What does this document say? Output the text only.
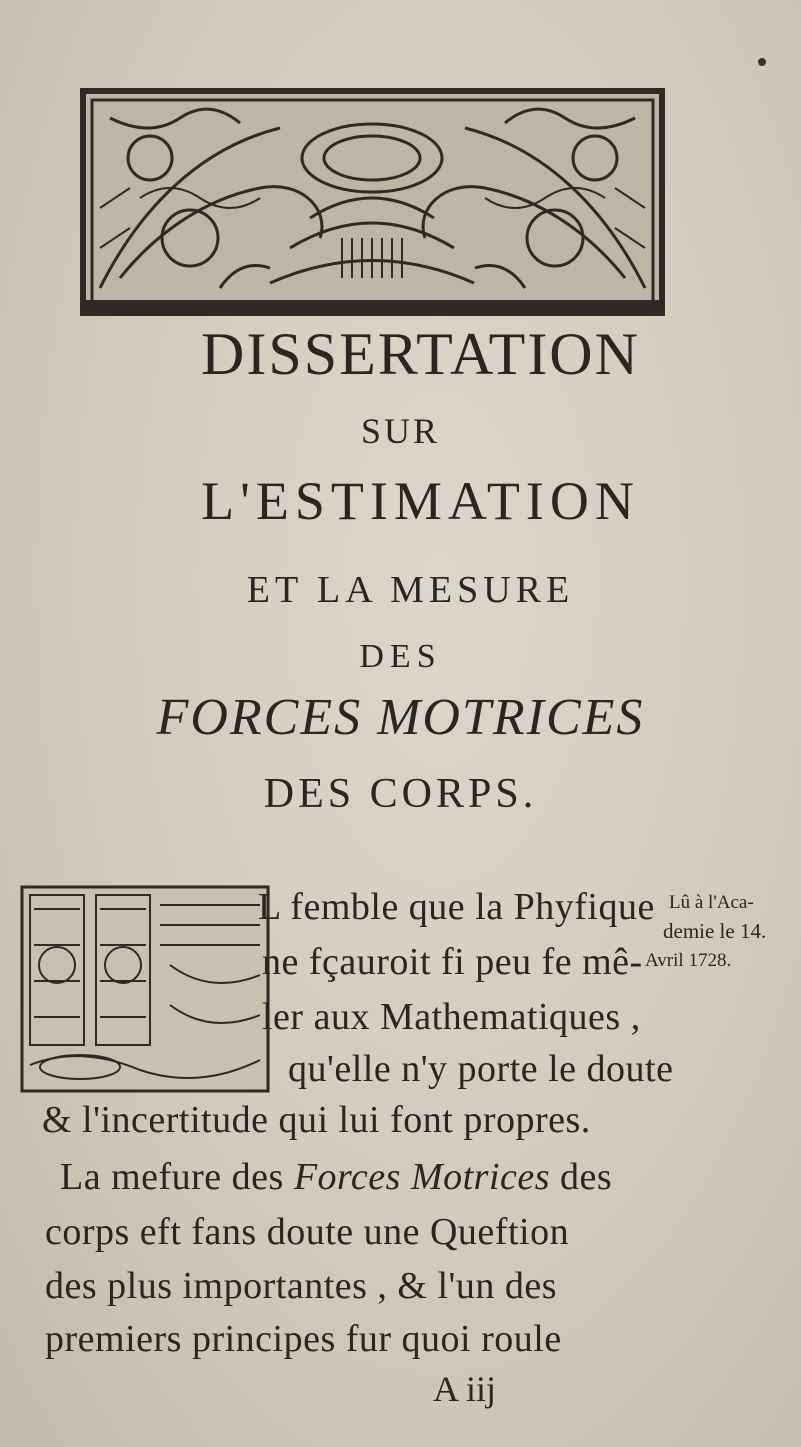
DISSERTATION
SUR
L'ESTIMATION
ET LA MESURE
DES
FORCES MOTRICES
DES CORPS.
L femble que la Phyfique
ne fçauroit fi peu fe mê-
ler aux Mathematiques ,
qu'elle n'y porte le doute
& l'incertitude qui lui font propres.
La mefure des Forces Motrices des
corps eft fans doute une Queftion
des plus importantes , & l'un des
premiers principes fur quoi roule
Lû à l'Aca-
demie le 14.
Avril 1728.
A iij
